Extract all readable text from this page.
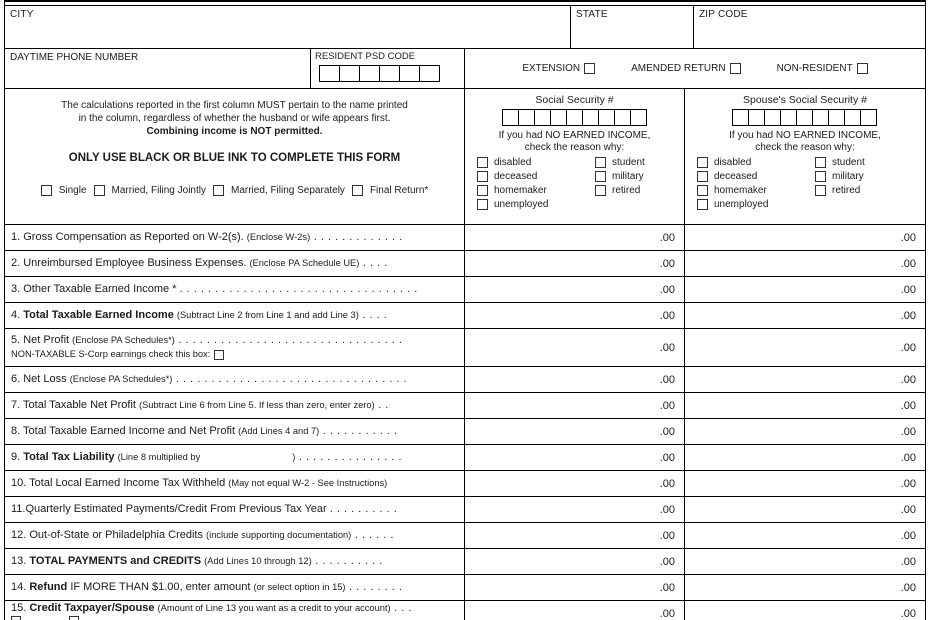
CITY	STATE	ZIP CODE
DAYTIME PHONE NUMBER	RESIDENT PSD CODE
EXTENSION	AMENDED RETURN	NON-RESIDENT
The calculations reported in the first column MUST pertain to the name printed
in the column, regardless of whether the husband or wife appears first.
Combining income is NOT permitted.
ONLY USE BLACK OR BLUE INK TO COMPLETE THIS FORM
Single	Married, Filing Jointly	Married, Filing Separately	Final Return*
Social Security #
If you had NO EARNED INCOME,
check the reason why:
disabled
deceased
homemaker
unemployed
student
military
retired
Spouse's Social Security #
If you had NO EARNED INCOME,
check the reason why:
disabled
deceased
homemaker
unemployed
student
military
retired
1. Gross Compensation as Reported on W-2(s). (Enclose W-2s) . . . . . . . . . . . . .	.00	.00
2. Unreimbursed Employee Business Expenses. (Enclose PA Schedule UE) . . . .	.00	.00
3. Other Taxable Earned Income * . . . . . . . . . . . . . . . . . . . . . . . . . . . . . . . . . .	.00	.00
4. Total Taxable Earned Income (Subtract Line 2 from Line 1 and add Line 3) . . . .	.00	.00
5. Net Profit (Enclose PA Schedules*) . . . . . . . . . . . . . . . . . . . . . . . . . . . . . . . .
NON-TAXABLE S-Corp earnings check this box:
.00	.00
6. Net Loss (Enclose PA Schedules*) . . . . . . . . . . . . . . . . . . . . . . . . . . . . . . . . .	.00	.00
7. Total Taxable Net Profit (Subtract Line 6 from Line 5. If less than zero, enter zero) . .	.00	.00
8. Total Taxable Earned Income and Net Profit (Add Lines 4 and 7) . . . . . . . . . . .	.00	.00
9. Total Tax Liability (Line 8 multiplied by	) . . . . . . . . . . . . . . .	.00	.00
10. Total Local Earned Income Tax Withheld (May not equal W-2 - See Instructions)	.00	.00
11.Quarterly Estimated Payments/Credit From Previous Tax Year . . . . . . . . . .	.00	.00
12. Out-of-State or Philadelphia Credits (include supporting documentation) . . . . . .	.00	.00
13. TOTAL PAYMENTS and CREDITS (Add Lines 10 through 12) . . . . . . . . . .	.00	.00
14. Refund IF MORE THAN $1.00, enter amount (or select option in 15) . . . . . . . .	.00	.00
15. Credit Taxpayer/Spouse (Amount of Line 13 you want as a credit to your account) . . .	.00	.00
